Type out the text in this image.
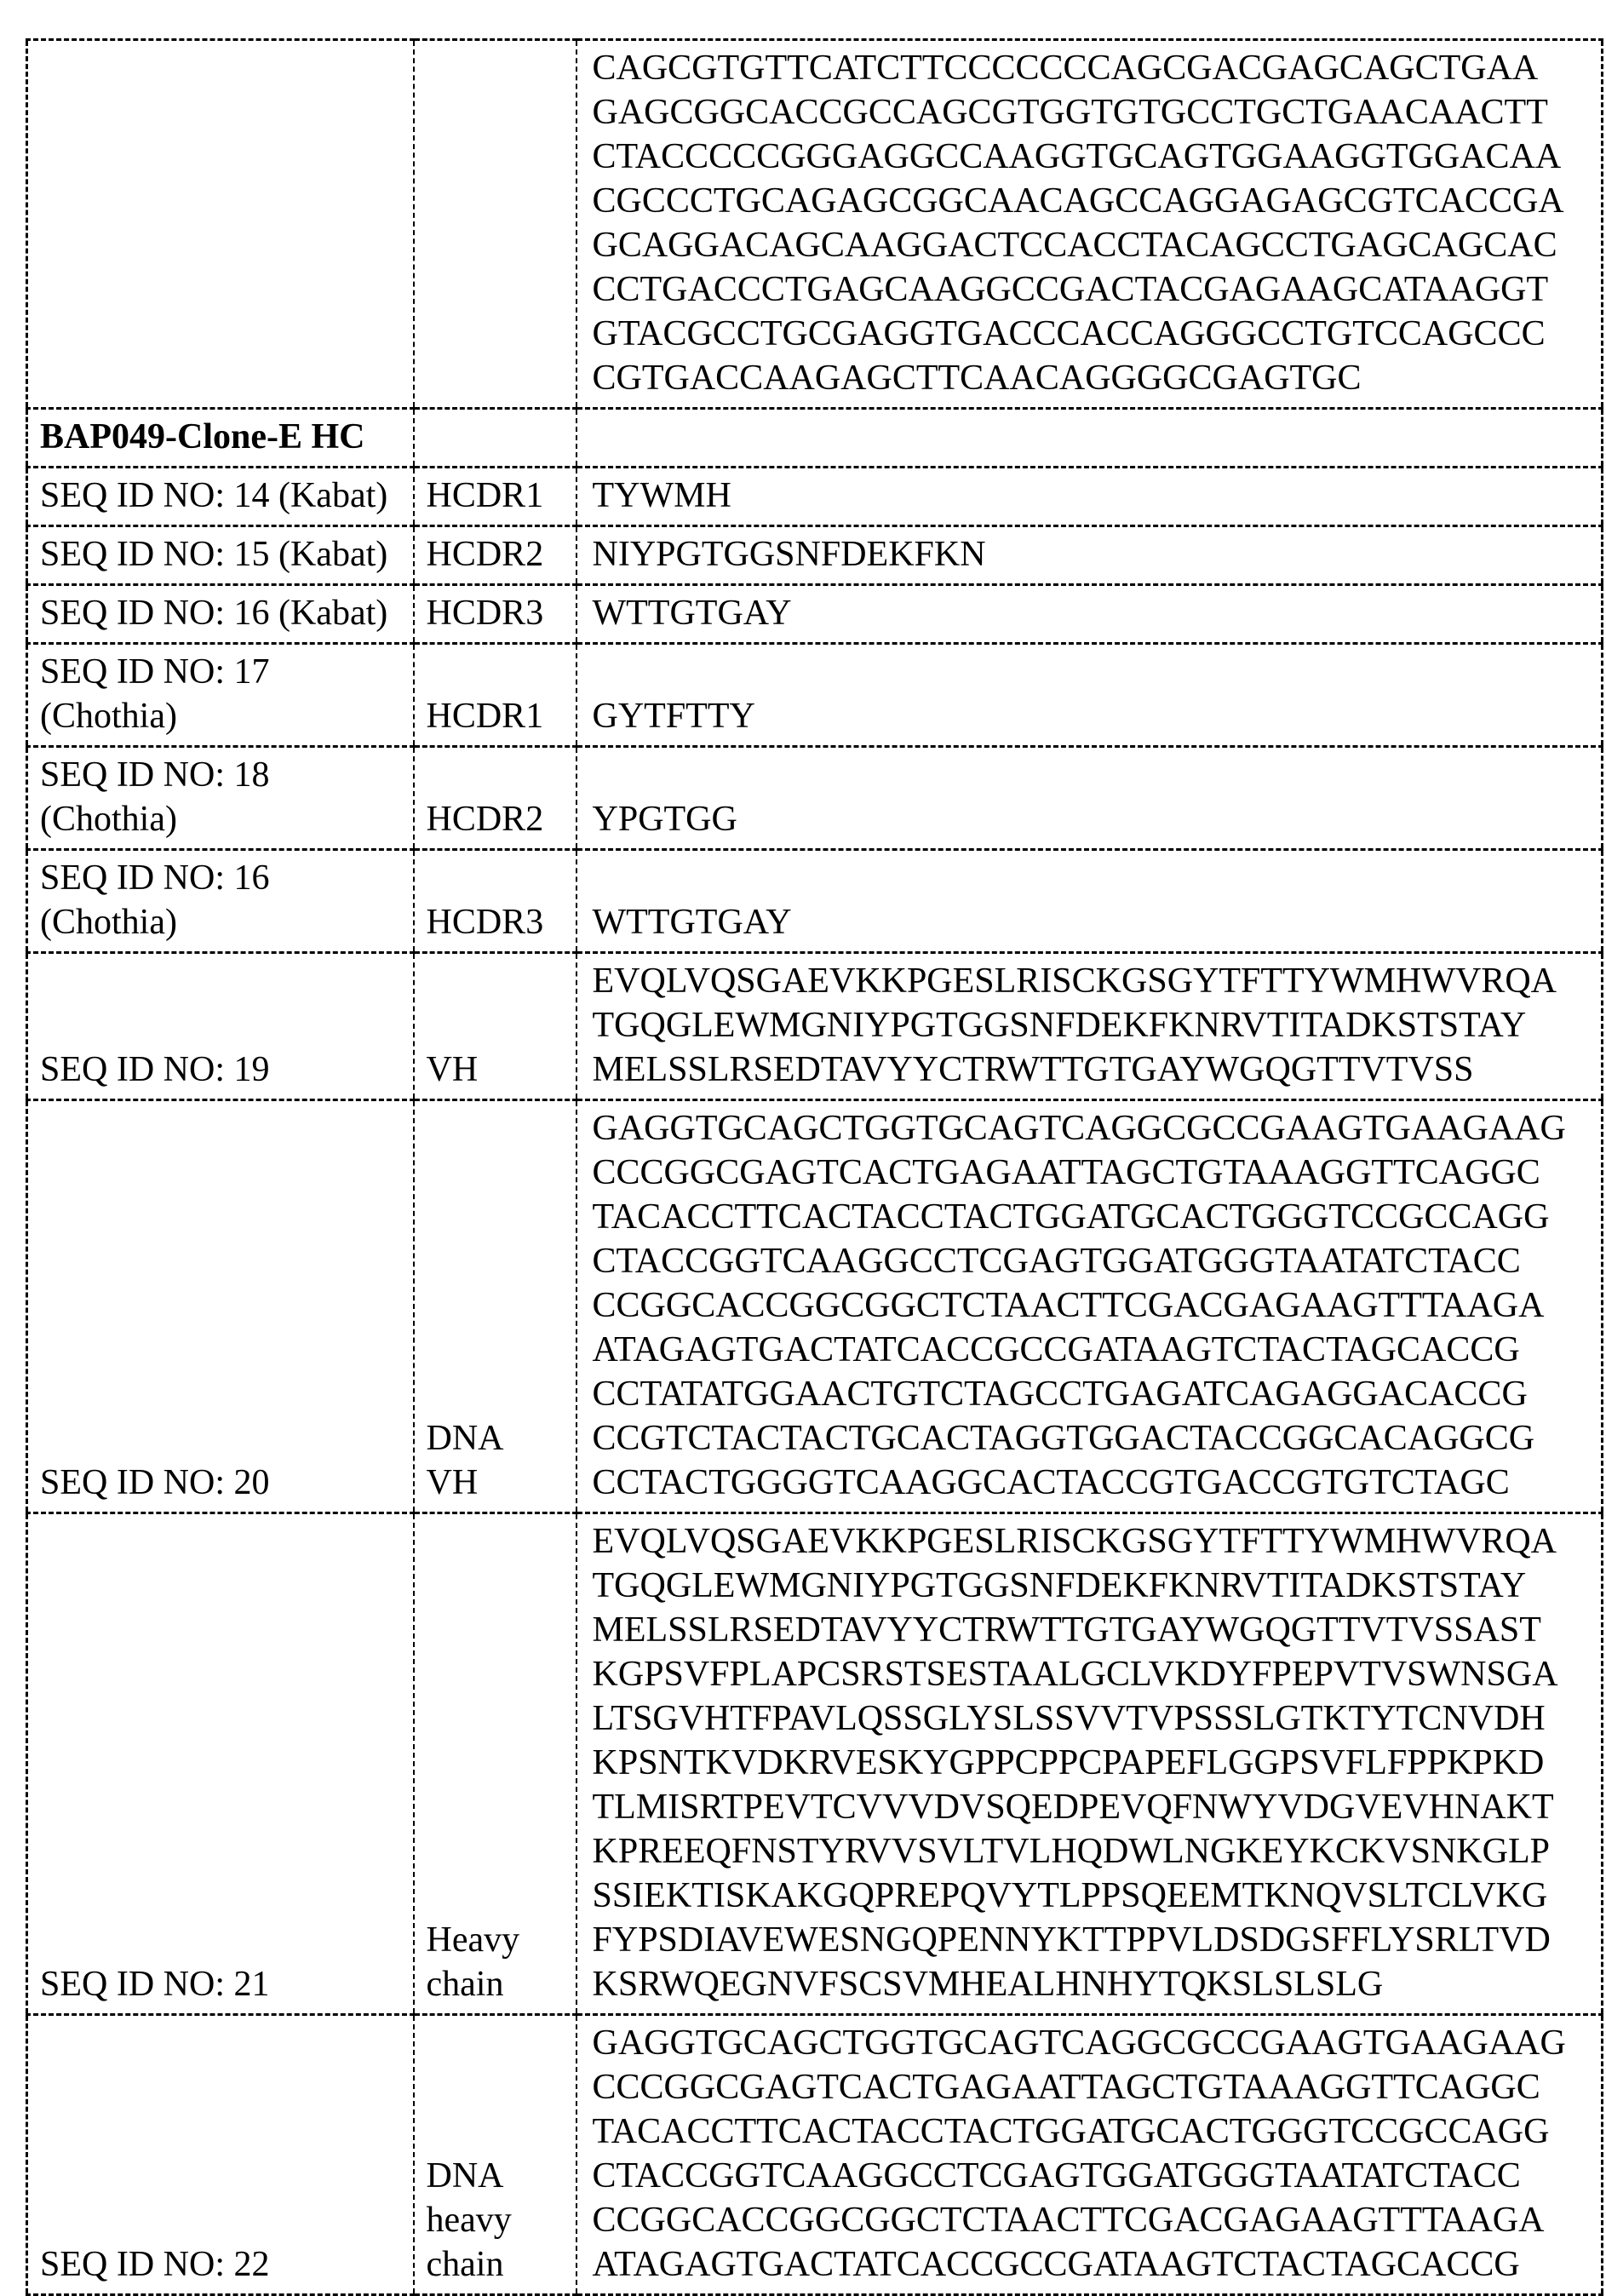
		CAGCGTGTTCATCTTCCCCCCCAGCGACGAGCAGCTGAA
GAGCGGCACCGCCAGCGTGGTGTGCCTGCTGAACAACTT
CTACCCCCGGGAGGCCAAGGTGCAGTGGAAGGTGGACAA
CGCCCTGCAGAGCGGCAACAGCCAGGAGAGCGTCACCGA
GCAGGACAGCAAGGACTCCACCTACAGCCTGAGCAGCAC
CCTGACCCTGAGCAAGGCCGACTACGAGAAGCATAAGGT
GTACGCCTGCGAGGTGACCCACCAGGGCCTGTCCAGCCC
CGTGACCAAGAGCTTCAACAGGGGCGAGTGC
BAP049-Clone-E HC		
SEQ ID NO: 14 (Kabat)	HCDR1	TYWMH
SEQ ID NO: 15 (Kabat)	HCDR2	NIYPGTGGSNFDEKFKN
SEQ ID NO: 16 (Kabat)	HCDR3	WTTGTGAY
SEQ ID NO: 17
(Chothia)	HCDR1	GYTFTTY
SEQ ID NO: 18
(Chothia)	HCDR2	YPGTGG
SEQ ID NO: 16
(Chothia)	HCDR3	WTTGTGAY
SEQ ID NO: 19	VH	EVQLVQSGAEVKKPGESLRISCKGSGYTFTTYWMHWVRQA
TGQGLEWMGNIYPGTGGSNFDEKFKNRVTITADKSTSTAY
MELSSLRSEDTAVYYCTRWTTGTGAYWGQGTTVTVSS
SEQ ID NO: 20	DNA
VH	GAGGTGCAGCTGGTGCAGTCAGGCGCCGAAGTGAAGAAG
CCCGGCGAGTCACTGAGAATTAGCTGTAAAGGTTCAGGC
TACACCTTCACTACCTACTGGATGCACTGGGTCCGCCAGG
CTACCGGTCAAGGCCTCGAGTGGATGGGTAATATCTACC
CCGGCACCGGCGGCTCTAACTTCGACGAGAAGTTTAAGA
ATAGAGTGACTATCACCGCCGATAAGTCTACTAGCACCG
CCTATATGGAACTGTCTAGCCTGAGATCAGAGGACACCG
CCGTCTACTACTGCACTAGGTGGACTACCGGCACAGGCG
CCTACTGGGGTCAAGGCACTACCGTGACCGTGTCTAGC
SEQ ID NO: 21	Heavy
chain	EVQLVQSGAEVKKPGESLRISCKGSGYTFTTYWMHWVRQA
TGQGLEWMGNIYPGTGGSNFDEKFKNRVTITADKSTSTAY
MELSSLRSEDTAVYYCTRWTTGTGAYWGQGTTVTVSSAST
KGPSVFPLAPCSRSTSESTAALGCLVKDYFPEPVTVSWNSGA
LTSGVHTFPAVLQSSGLYSLSSVVTVPSSSLGTKTYTCNVDH
KPSNTKVDKRVESKYGPPCPPCPAPEFLGGPSVFLFPPKPKD
TLMISRTPEVTCVVVDVSQEDPEVQFNWYVDGVEVHNAKT
KPREEQFNSTYRVVSVLTVLHQDWLNGKEYKCKVSNKGLP
SSIEKTISKAKGQPREPQVYTLPPSQEEMTKNQVSLTCLVKG
FYPSDIAVEWESNGQPENNYKTTPPVLDSDGSFFLYSRLTVD
KSRWQEGNVFSCSVMHEALHNHYTQKSLSLSLG
SEQ ID NO: 22	DNA
heavy
chain	GAGGTGCAGCTGGTGCAGTCAGGCGCCGAAGTGAAGAAG
CCCGGCGAGTCACTGAGAATTAGCTGTAAAGGTTCAGGC
TACACCTTCACTACCTACTGGATGCACTGGGTCCGCCAGG
CTACCGGTCAAGGCCTCGAGTGGATGGGTAATATCTACC
CCGGCACCGGCGGCTCTAACTTCGACGAGAAGTTTAAGA
ATAGAGTGACTATCACCGCCGATAAGTCTACTAGCACCG
